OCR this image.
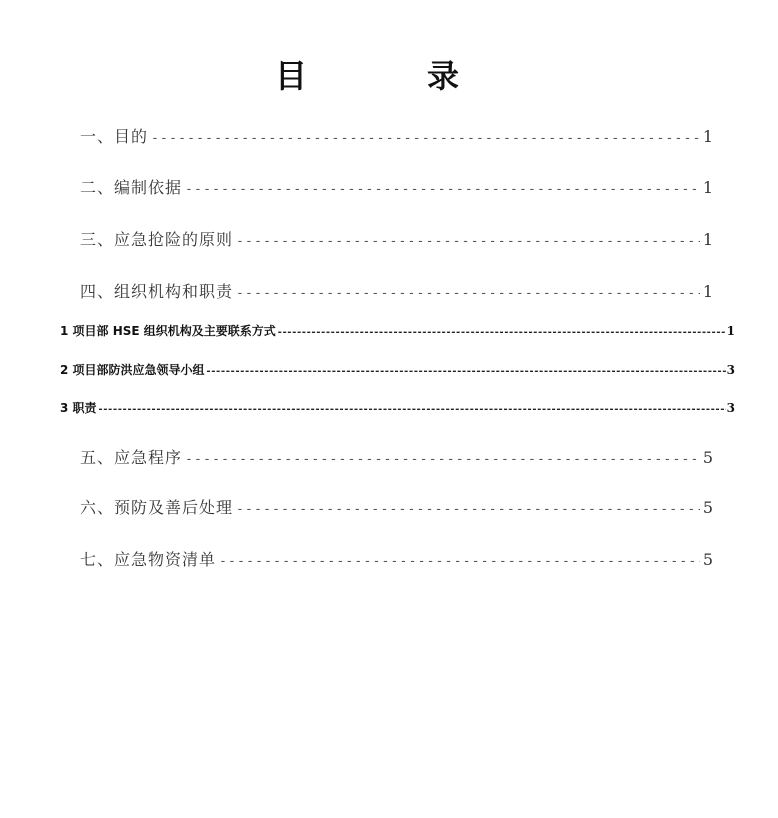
目　录
一、目的 -----	1
二、编制依据 -----	1
三、应急抢险的原则 -----	1
四、组织机构和职责 -----	1
1 项目部 HSE 组织机构及主要联系方式 -----	1
2 项目部防洪应急领导小组 -----	3
3 职责 -----	3
五、应急程序 -----	5
六、预防及善后处理 -----	5
七、应急物资清单 -----	5
